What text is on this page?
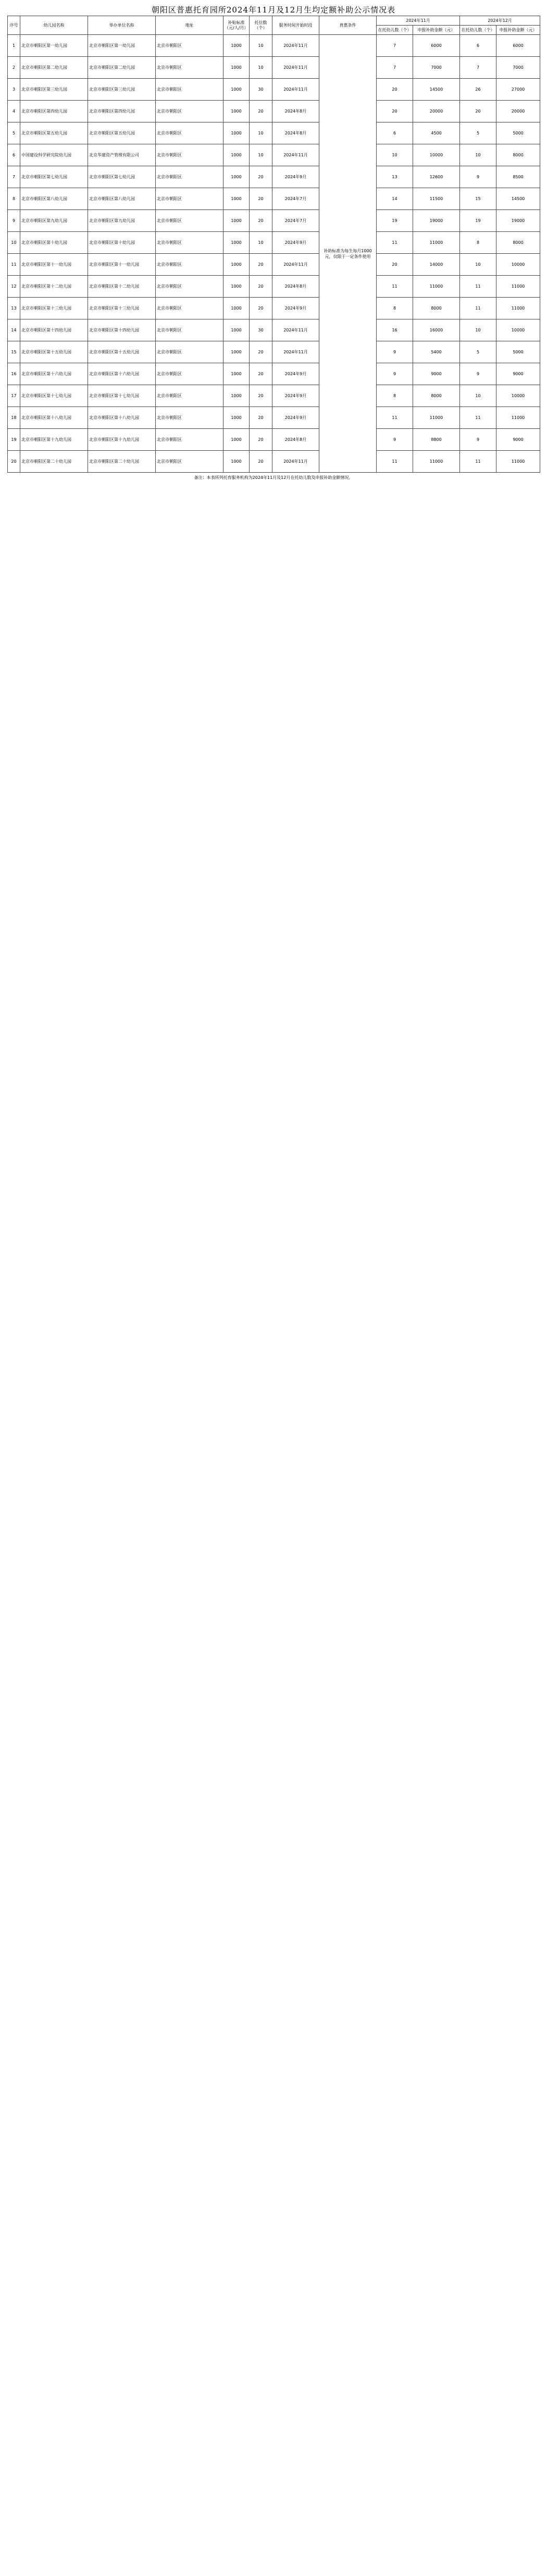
朝阳区普惠托育园所2024年11月及12月生均定额补助公示情况表
序号	幼儿园名称	举办单位名称	地址	补贴标准（元/人/月）	托位数（个）	服务时间开始时段	普惠条件	2024年11月		2024年12月	
								在托幼儿数（个）	申报补助金额（元）	在托幼儿数（个）	申报补助金额（元）
1	北京市朝阳区第一幼儿园	北京市朝阳区第一幼儿园	北京市朝阳区	1000	10	2024年11月	补助标准为每生每月1000元，仅限于一定条件使用	7	6000	6	6000
2	北京市朝阳区第二幼儿园	北京市朝阳区第二幼儿园	北京市朝阳区	1000	10	2024年11月		7	7000	7	7000
3	北京市朝阳区第三幼儿园	北京市朝阳区第三幼儿园	北京市朝阳区	1000	30	2024年11月		20	14500	26	27000
4	北京市朝阳区第四幼儿园	北京市朝阳区第四幼儿园	北京市朝阳区	1000	20	2024年8月		20	20000	20	20000
5	北京市朝阳区第五幼儿园	北京市朝阳区第五幼儿园	北京市朝阳区	1000	10	2024年8月		6	4500	5	5000
6	中国建设科学研究院幼儿园	北京华建资产管理有限公司	北京市朝阳区	1000	10	2024年11月		10	10000	10	8000
7	北京市朝阳区第七幼儿园	北京市朝阳区第七幼儿园	北京市朝阳区	1000	20	2024年9月		13	12600	9	8500
8	北京市朝阳区第八幼儿园	北京市朝阳区第八幼儿园	北京市朝阳区	1000	20	2024年7月		14	11500	15	14500
9	北京市朝阳区第九幼儿园	北京市朝阳区第九幼儿园	北京市朝阳区	1000	20	2024年7月		19	19000	19	19000
10	北京市朝阳区第十幼儿园	北京市朝阳区第十幼儿园	北京市朝阳区	1000	10	2024年9月		11	11000	8	8000
11	北京市朝阳区第十一幼儿园	北京市朝阳区第十一幼儿园	北京市朝阳区	1000	20	2024年11月		20	14000	10	10000
12	北京市朝阳区第十二幼儿园	北京市朝阳区第十二幼儿园	北京市朝阳区	1000	20	2024年8月		11	11000	11	11000
13	北京市朝阳区第十三幼儿园	北京市朝阳区第十三幼儿园	北京市朝阳区	1000	20	2024年9月		8	8000	11	11000
14	北京市朝阳区第十四幼儿园	北京市朝阳区第十四幼儿园	北京市朝阳区	1000	30	2024年11月		16	16000	10	10000
15	北京市朝阳区第十五幼儿园	北京市朝阳区第十五幼儿园	北京市朝阳区	1000	20	2024年11月		9	5400	5	5000
16	北京市朝阳区第十六幼儿园	北京市朝阳区第十六幼儿园	北京市朝阳区	1000	20	2024年9月		9	9000	9	9000
17	北京市朝阳区第十七幼儿园	北京市朝阳区第十七幼儿园	北京市朝阳区	1000	20	2024年9月		8	8000	10	10000
18	北京市朝阳区第十八幼儿园	北京市朝阳区第十八幼儿园	北京市朝阳区	1000	20	2024年9月		11	11000	11	11000
19	北京市朝阳区第十九幼儿园	北京市朝阳区第十九幼儿园	北京市朝阳区	1000	20	2024年8月		9	8800	9	9000
20	北京市朝阳区第二十幼儿园	北京市朝阳区第二十幼儿园	北京市朝阳区	1000	20	2024年11月		11	11000	11	11000
备注：本表所列托育服务机构为2024年11月及12月在托幼儿数及申报补助金额情况。
